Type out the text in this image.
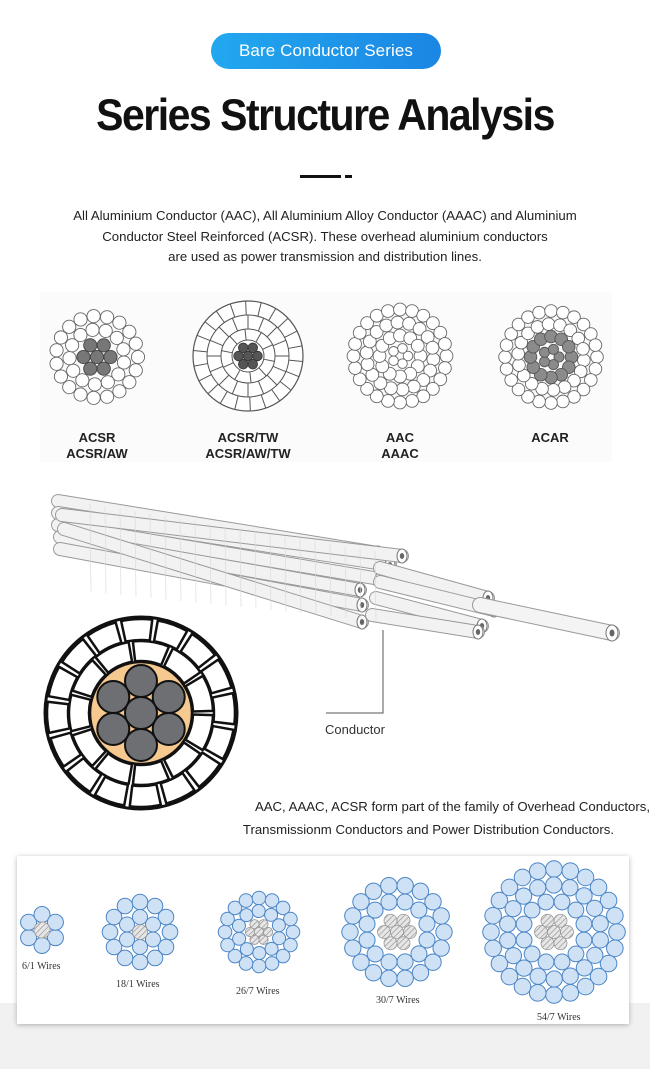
Bare Conductor Series
Series Structure Analysis
All Aluminium Conductor (AAC), All Aluminium Alloy Conductor (AAAC) and Aluminium
Conductor Steel Reinforced (ACSR). These overhead aluminium conductors
are used as power transmission and distribution lines.
ACSR
ACSR/AW
ACSR/TW
ACSR/AW/TW
AAC
AAAC
ACAR
Conductor
AAC, AAAC, ACSR form part of the family of Overhead Conductors,
Transmissionm Conductors and Power Distribution Conductors.
6/1 Wires
18/1 Wires
26/7 Wires
30/7 Wires
54/7 Wires
